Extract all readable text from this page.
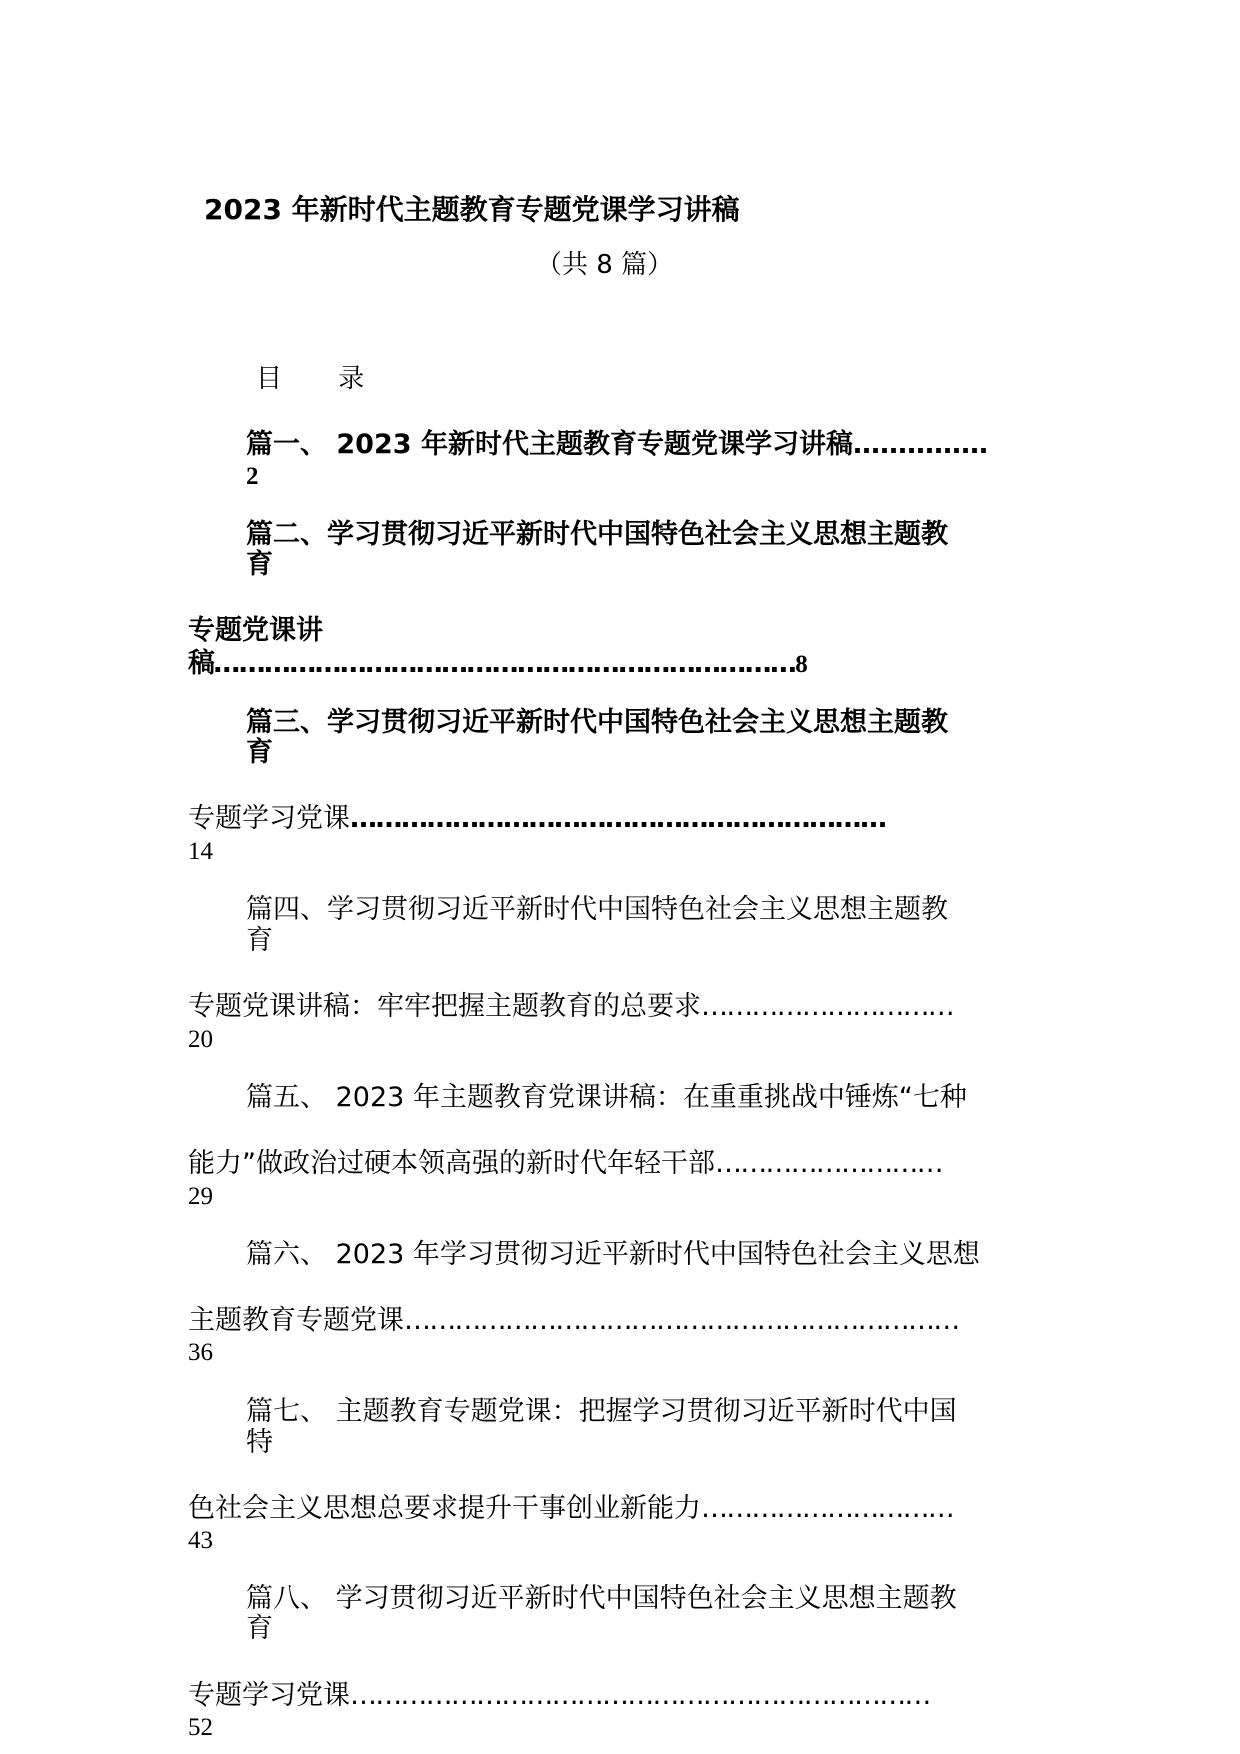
2023 年新时代主题教育专题党课学习讲稿
（共 8 篇）
目 录
篇一、 2023 年新时代主题教育专题党课学习讲稿……………
2
篇二、学习贯彻习近平新时代中国特色社会主义思想主题教
育
专题党课讲
稿……………………………………………………………8
篇三、学习贯彻习近平新时代中国特色社会主义思想主题教
育
专题学习党课………………………………………………………
14
篇四、学习贯彻习近平新时代中国特色社会主义思想主题教
育
专题党课讲稿：牢牢把握主题教育的总要求…………………………
20
篇五、 2023 年主题教育党课讲稿：在重重挑战中锤炼“七种
能力”做政治过硬本领高强的新时代年轻干部………………………
29
篇六、 2023 年学习贯彻习近平新时代中国特色社会主义思想
主题教育专题党课…………………………………………………………
36
篇七、 主题教育专题党课：把握学习贯彻习近平新时代中国
特
色社会主义思想总要求提升干事创业新能力…………………………
43
篇八、 学习贯彻习近平新时代中国特色社会主义思想主题教
育
专题学习党课……………………………………………………………
52
